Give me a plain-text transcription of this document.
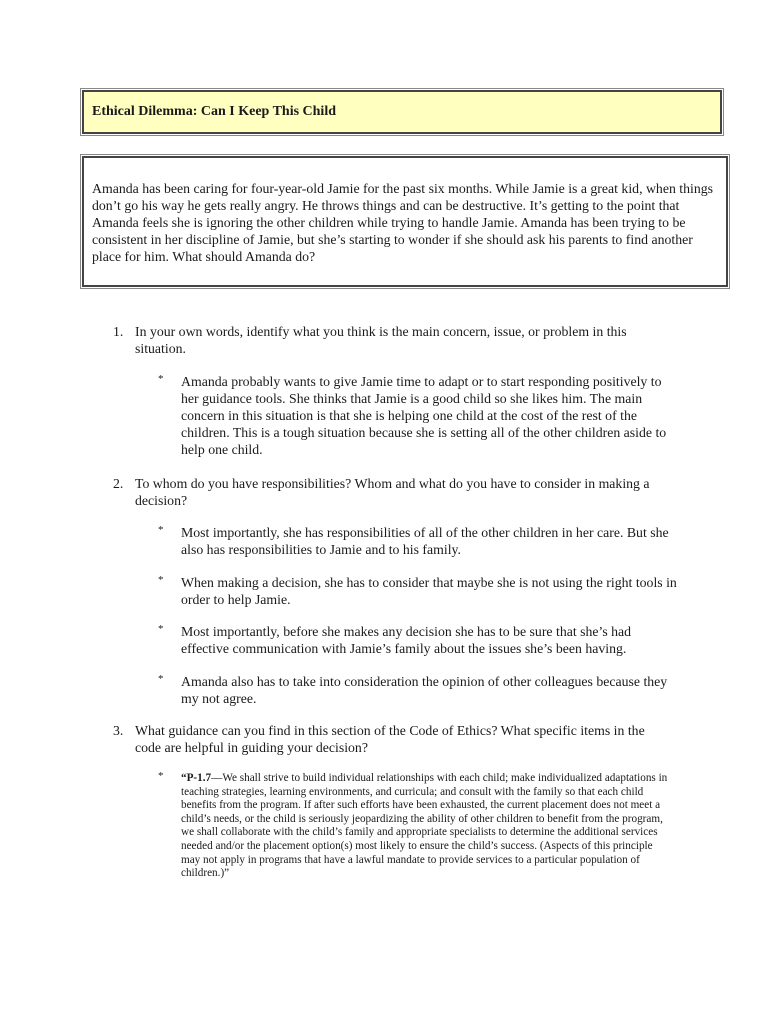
Ethical Dilemma: Can I Keep This Child
Amanda has been caring for four-year-old Jamie for the past six months. While Jamie is a great kid, when things don’t go his way he gets really angry. He throws things and can be destructive. It’s getting to the point that Amanda feels she is ignoring the other children while trying to handle Jamie. Amanda has been trying to be consistent in her discipline of Jamie, but she’s starting to wonder if she should ask his parents to find another place for him. What should Amanda do?
1. In your own words, identify what you think is the main concern, issue, or problem in this situation.
* Amanda probably wants to give Jamie time to adapt or to start responding positively to her guidance tools. She thinks that Jamie is a good child so she likes him. The main concern in this situation is that she is helping one child at the cost of the rest of the children. This is a tough situation because she is setting all of the other children aside to help one child.
2. To whom do you have responsibilities? Whom and what do you have to consider in making a decision?
* Most importantly, she has responsibilities of all of the other children in her care. But she also has responsibilities to Jamie and to his family.
* When making a decision, she has to consider that maybe she is not using the right tools in order to help Jamie.
* Most importantly, before she makes any decision she has to be sure that she’s had effective communication with Jamie’s family about the issues she’s been having.
* Amanda also has to take into consideration the opinion of other colleagues because they my not agree.
3. What guidance can you find in this section of the Code of Ethics? What specific items in the code are helpful in guiding your decision?
* “P-1.7—We shall strive to build individual relationships with each child; make individualized adaptations in teaching strategies, learning environments, and curricula; and consult with the family so that each child benefits from the program. If after such efforts have been exhausted, the current placement does not meet a child’s needs, or the child is seriously jeopardizing the ability of other children to benefit from the program, we shall collaborate with the child’s family and appropriate specialists to determine the additional services needed and/or the placement option(s) most likely to ensure the child’s success. (Aspects of this principle may not apply in programs that have a lawful mandate to provide services to a particular population of children.)”
